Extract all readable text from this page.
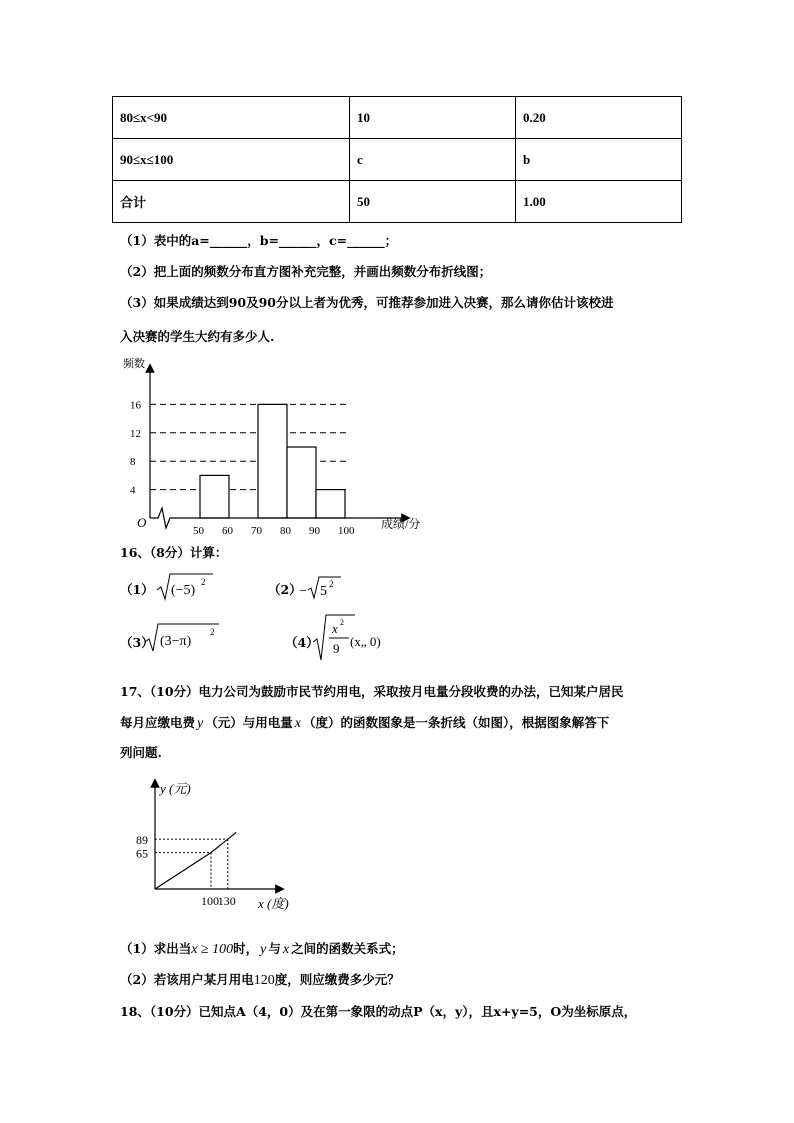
80≤x<90	10	0.20
90≤x≤100	c	b
合计	50	1.00
（1）表中的a=______，b=______，c=______；
（2）把上面的频数分布直方图补充完整，并画出频数分布折线图；
（3）如果成绩达到90及90分以上者为优秀，可推荐参加进入决赛，那么请你估计该校进
入决赛的学生大约有多少人.
频数
O	成绩/分
4
8
12
16
50 60 70 80 90 100
16、（8分）计算：
（1） (−5)
2	（2）
− 5 2
（3） (3−π)
2
（4）
x 2
9 (x„ 0)
17、（10分）电力公司为鼓励市民节约用电，采取按月电量分段收费的办法，已知某户居民
每月应缴电费 y （元）与用电量 x （度）的函数图象是一条折线（如图），根据图象解答下
列问题.
y (元)
x (度)
65
89
100
130
（1）求出当x ≥ 100时， y 与 x 之间的函数关系式；
（2）若该用户某月用电120度，则应缴费多少元？
18、（10分）已知点A（4，0）及在第一象限的动点P（x，y），且x+y=5，O为坐标原点，
